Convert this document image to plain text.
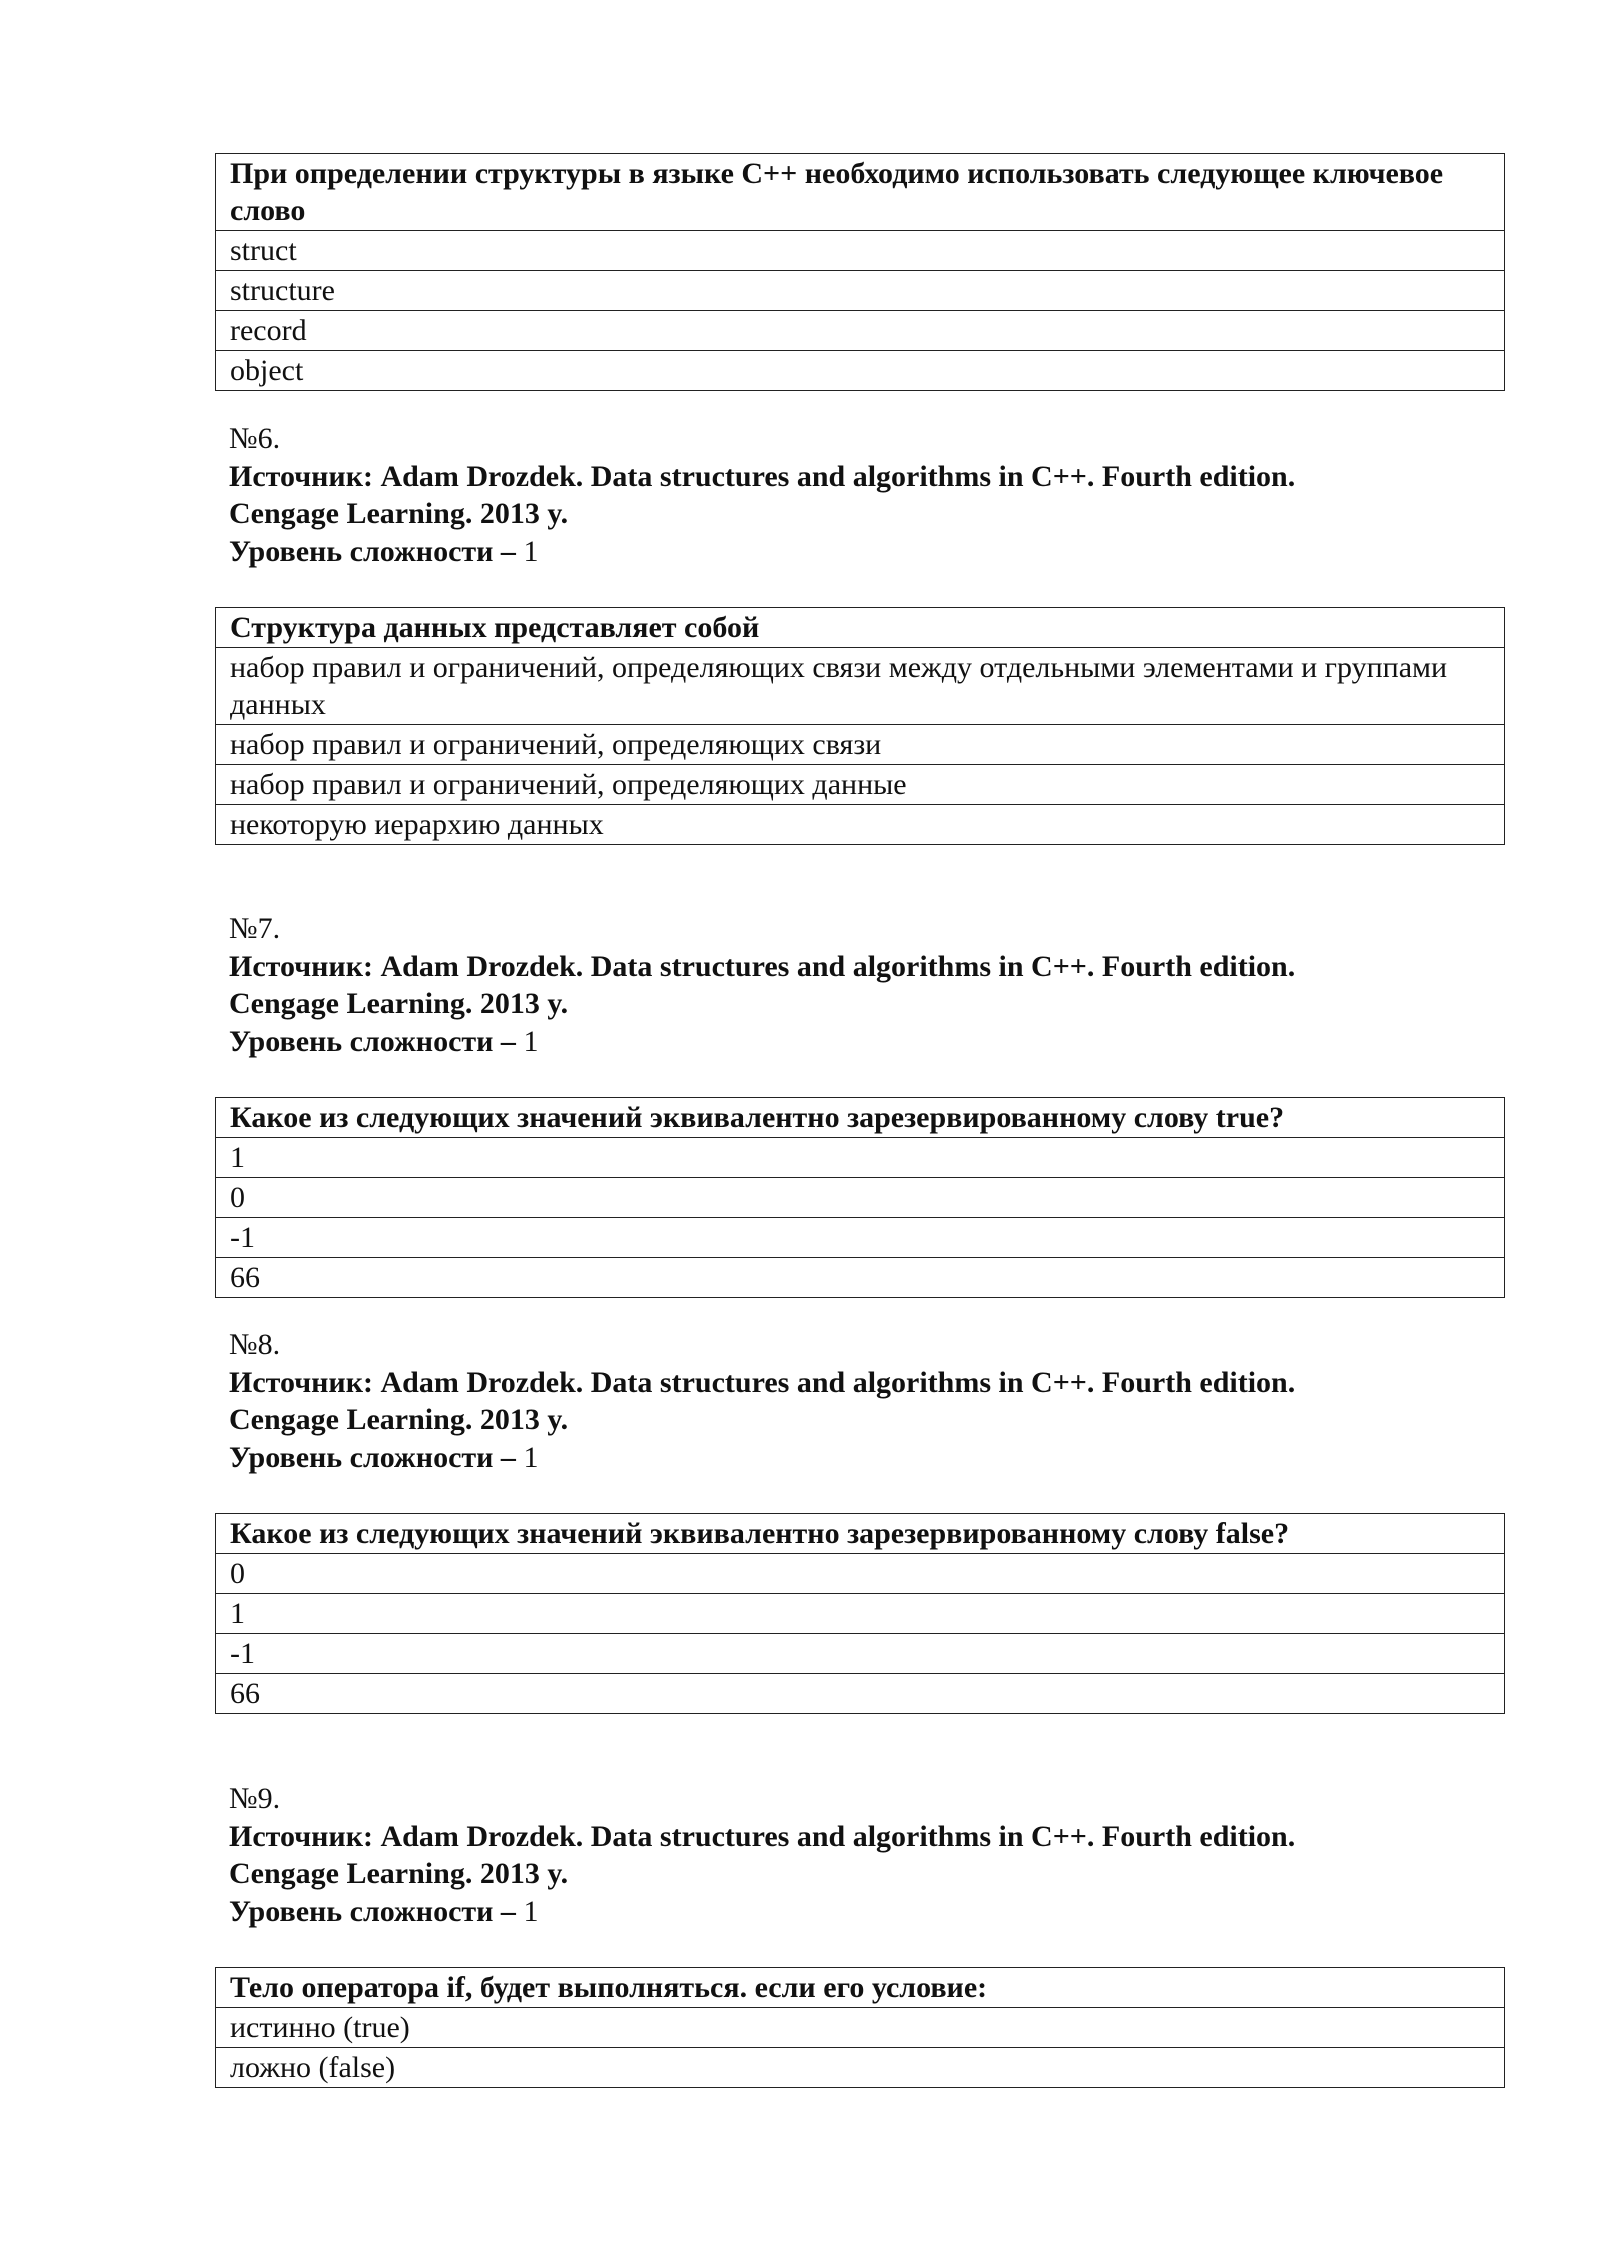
При определении структуры в языке С++ необходимо использовать следующее ключевое слово
struct
structure
record
object
№6.
Источник: Adam Drozdek. Data structures and algorithms in C++. Fourth edition.
Cengage Learning. 2013 y.
Уровень сложности – 1
Структура данных представляет собой
набор правил и ограничений, определяющих связи между отдельными элементами и группами данных
набор правил и ограничений, определяющих связи
набор правил и ограничений, определяющих данные
некоторую иерархию данных
№7.
Источник: Adam Drozdek. Data structures and algorithms in C++. Fourth edition.
Cengage Learning. 2013 y.
Уровень сложности – 1
Какое из следующих значений эквивалентно зарезервированному слову true?
1
0
-1
66
№8.
Источник: Adam Drozdek. Data structures and algorithms in C++. Fourth edition.
Cengage Learning. 2013 y.
Уровень сложности – 1
Какое из следующих значений эквивалентно зарезервированному слову false?
0
1
-1
66
№9.
Источник: Adam Drozdek. Data structures and algorithms in C++. Fourth edition.
Cengage Learning. 2013 y.
Уровень сложности – 1
Тело оператора if, будет выполняться. если его условие:
истинно (true)
ложно (false)
